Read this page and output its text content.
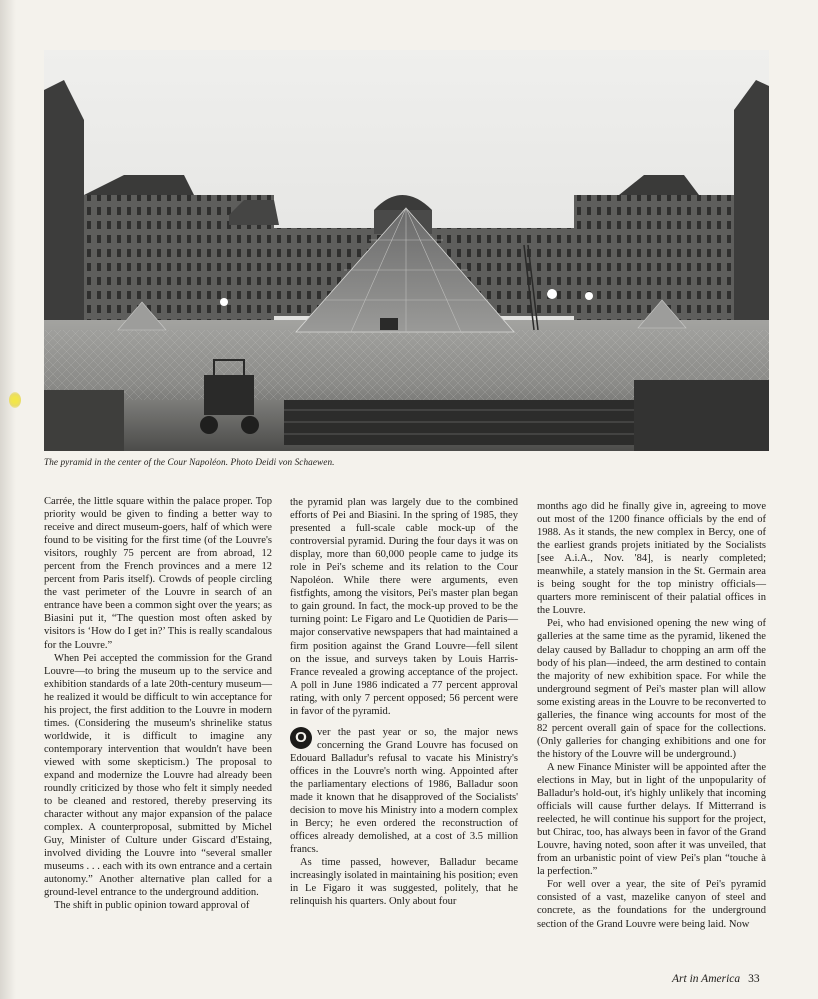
The pyramid in the center of the Cour Napoléon. Photo Deidi von Schaewen.

Carrée, the little square within the palace proper. Top priority would be given to finding a better way to receive and direct museum-goers, half of which were found to be visiting for the first time (of the Louvre's visitors, roughly 75 percent are from abroad, 12 percent from the French provinces and a mere 12 percent from Paris itself). Crowds of people circling the vast perimeter of the Louvre in search of an entrance have been a common sight over the years; as Biasini put it, “The question most often asked by visitors is ‘How do I get in?’ This is really scandalous for the Louvre.”

When Pei accepted the commission for the Grand Louvre—to bring the museum up to the service and exhibition standards of a late 20th-century museum—he realized it would be difficult to win acceptance for his project, the first addition to the Louvre in modern times. (Considering the museum's shrinelike status worldwide, it is difficult to imagine any contemporary intervention that wouldn't have been viewed with some skepticism.) The proposal to expand and modernize the Louvre had already been roundly criticized by those who felt it simply needed to be cleaned and restored, thereby preserving its character without any major expansion of the palace complex. A counterproposal, submitted by Michel Guy, Minister of Culture under Giscard d'Estaing, involved dividing the Louvre into “several smaller museums . . . each with its own entrance and a certain autonomy.” Another alternative plan called for a ground-level entrance to the underground addition.

The shift in public opinion toward approval of

the pyramid plan was largely due to the combined efforts of Pei and Biasini. In the spring of 1985, they presented a full-scale cable mock-up of the controversial pyramid. During the four days it was on display, more than 60,000 people came to judge its role in Pei's scheme and its relation to the Cour Napoléon. While there were arguments, even fistfights, among the visitors, Pei's master plan began to gain ground. In fact, the mock-up proved to be the turning point: Le Figaro and Le Quotidien de Paris—major conservative newspapers that had maintained a firm position against the Grand Louvre—fell silent on the issue, and surveys taken by Louis Harris-France revealed a growing acceptance of the project. A poll in June 1986 indicated a 77 percent approval rating, with only 7 percent opposed; 56 percent were in favor of the pyramid.

O ver the past year or so, the major news concerning the Grand Louvre has focused on Edouard Balladur's refusal to vacate his Ministry's offices in the Louvre's north wing. Appointed after the parliamentary elections of 1986, Balladur soon made it known that he disapproved of the Socialists' decision to move his Ministry into a modern complex in Bercy; he even ordered the reconstruction of offices already demolished, at a cost of 3.5 million francs.

As time passed, however, Balladur became increasingly isolated in maintaining his position; even in Le Figaro it was suggested, politely, that he relinquish his quarters. Only about four

months ago did he finally give in, agreeing to move out most of the 1200 finance officials by the end of 1988. As it stands, the new complex in Bercy, one of the earliest grands projets initiated by the Socialists [see A.i.A., Nov. '84], is nearly completed; meanwhile, a stately mansion in the St. Germain area is being sought for the top ministry officials—quarters more reminiscent of their palatial offices in the Louvre.

Pei, who had envisioned opening the new wing of galleries at the same time as the pyramid, likened the delay caused by Balladur to chopping an arm off the body of his plan—indeed, the arm destined to contain the majority of new exhibition space. For while the underground segment of Pei's master plan will allow some existing areas in the Louvre to be reconverted to galleries, the finance wing accounts for most of the 82 percent overall gain of space for the collections. (Only galleries for changing exhibitions and one for the history of the Louvre will be underground.)

A new Finance Minister will be appointed after the elections in May, but in light of the unpopularity of Balladur's hold-out, it's highly unlikely that incoming officials will cause further delays. If Mitterrand is reelected, he will continue his support for the project, but Chirac, too, has always been in favor of the Grand Louvre, having noted, soon after it was unveiled, that from an urbanistic point of view Pei's plan “touche à la perfection.”

For well over a year, the site of Pei's pyramid consisted of a vast, mazelike canyon of steel and concrete, as the foundations for the underground section of the Grand Louvre were being laid. Now

Art in America 33
